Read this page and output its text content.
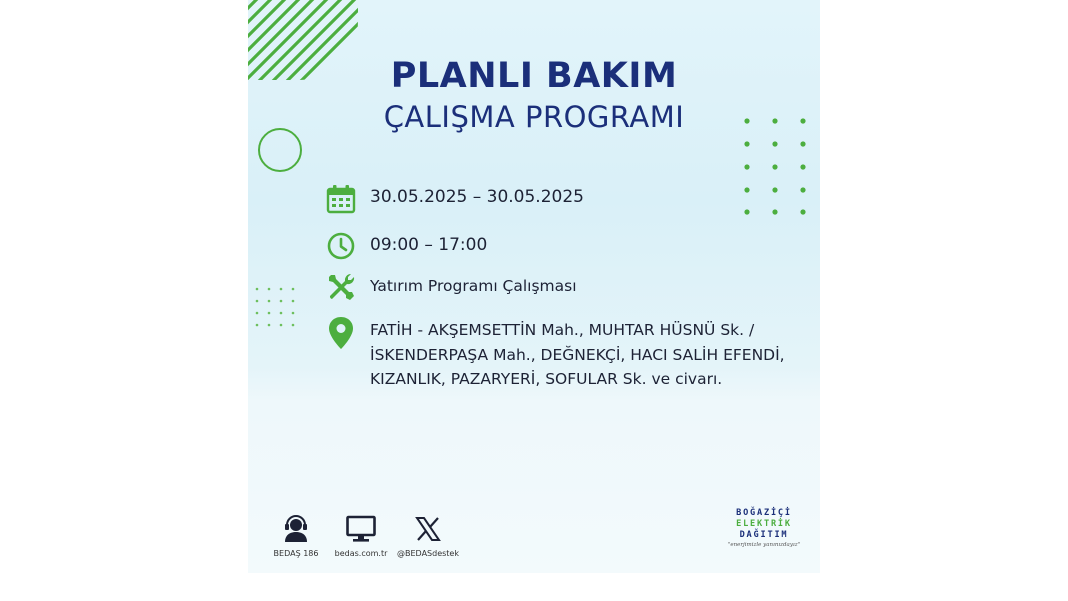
PLANLI BAKIM
ÇALIŞMA PROGRAMI
30.05.2025 – 30.05.2025
09:00 – 17:00
Yatırım Programı Çalışması
FATİH - AKŞEMSETTİN Mah., MUHTAR HÜSNÜ Sk. /
İSKENDERPAŞA Mah., DEĞNEKÇİ, HACI SALİH EFENDİ,
KIZANLIK, PAZARYERİ, SOFULAR Sk. ve civarı.
BEDAŞ 186	bedas.com.tr	@BEDASdestek
BOĞAZİÇİ
ELEKTRİK
DAĞITIM
"enerjimizle yanınızdayız"
